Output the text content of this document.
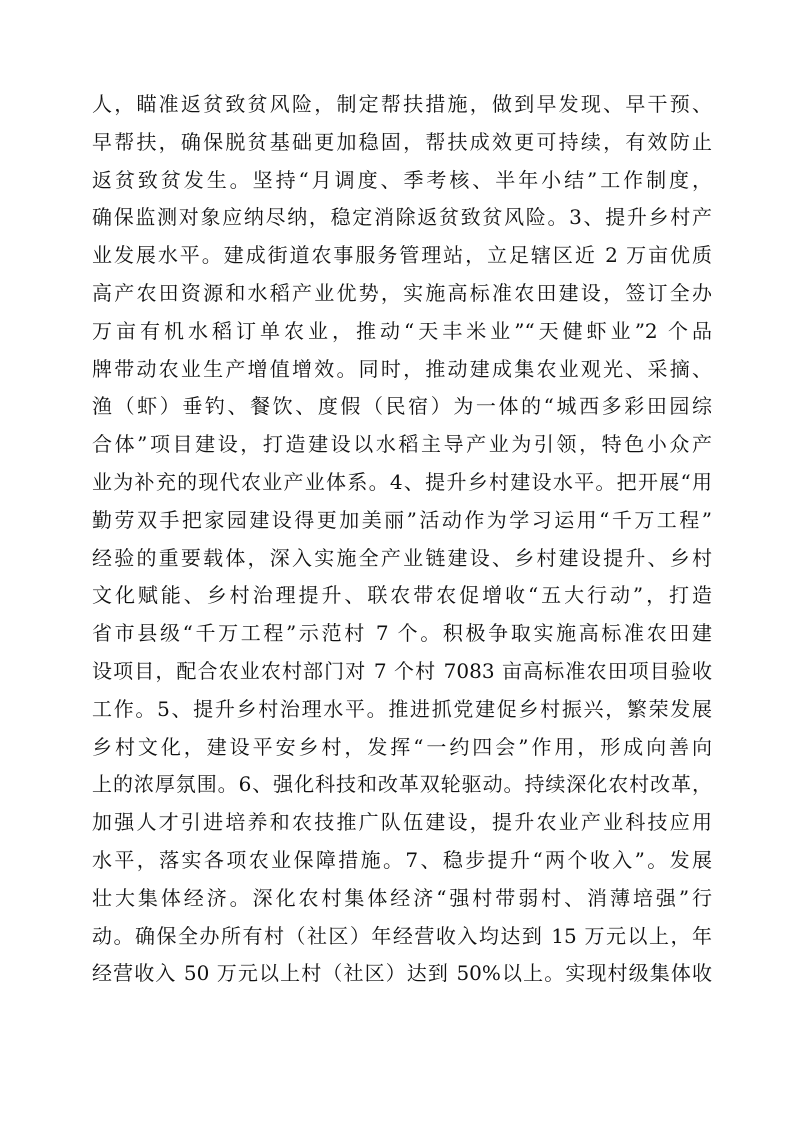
人，瞄准返贫致贫风险，制定帮扶措施，做到早发现、早干预、
早帮扶，确保脱贫基础更加稳固，帮扶成效更可持续，有效防止
返贫致贫发生。坚持“月调度、季考核、半年小结”工作制度，
确保监测对象应纳尽纳，稳定消除返贫致贫风险。3、提升乡村产
业发展水平。建成街道农事服务管理站，立足辖区近 2 万亩优质
高产农田资源和水稻产业优势，实施高标准农田建设，签订全办
万亩有机水稻订单农业，推动“天丰米业”“天健虾业”2 个品
牌带动农业生产增值增效。同时，推动建成集农业观光、采摘、
渔（虾）垂钓、餐饮、度假（民宿）为一体的“城西多彩田园综
合体”项目建设，打造建设以水稻主导产业为引领，特色小众产
业为补充的现代农业产业体系。4、提升乡村建设水平。把开展“用
勤劳双手把家园建设得更加美丽”活动作为学习运用“千万工程”
经验的重要载体，深入实施全产业链建设、乡村建设提升、乡村
文化赋能、乡村治理提升、联农带农促增收“五大行动”，打造
省市县级“千万工程”示范村 7 个。积极争取实施高标准农田建
设项目，配合农业农村部门对 7 个村 7083 亩高标准农田项目验收
工作。5、提升乡村治理水平。推进抓党建促乡村振兴，繁荣发展
乡村文化，建设平安乡村，发挥“一约四会”作用，形成向善向
上的浓厚氛围。6、强化科技和改革双轮驱动。持续深化农村改革，
加强人才引进培养和农技推广队伍建设，提升农业产业科技应用
水平，落实各项农业保障措施。7、稳步提升“两个收入”。发展
壮大集体经济。深化农村集体经济“强村带弱村、消薄培强”行
动。确保全办所有村（社区）年经营收入均达到 15 万元以上，年
经营收入 50 万元以上村（社区）达到 50%以上。实现村级集体收
